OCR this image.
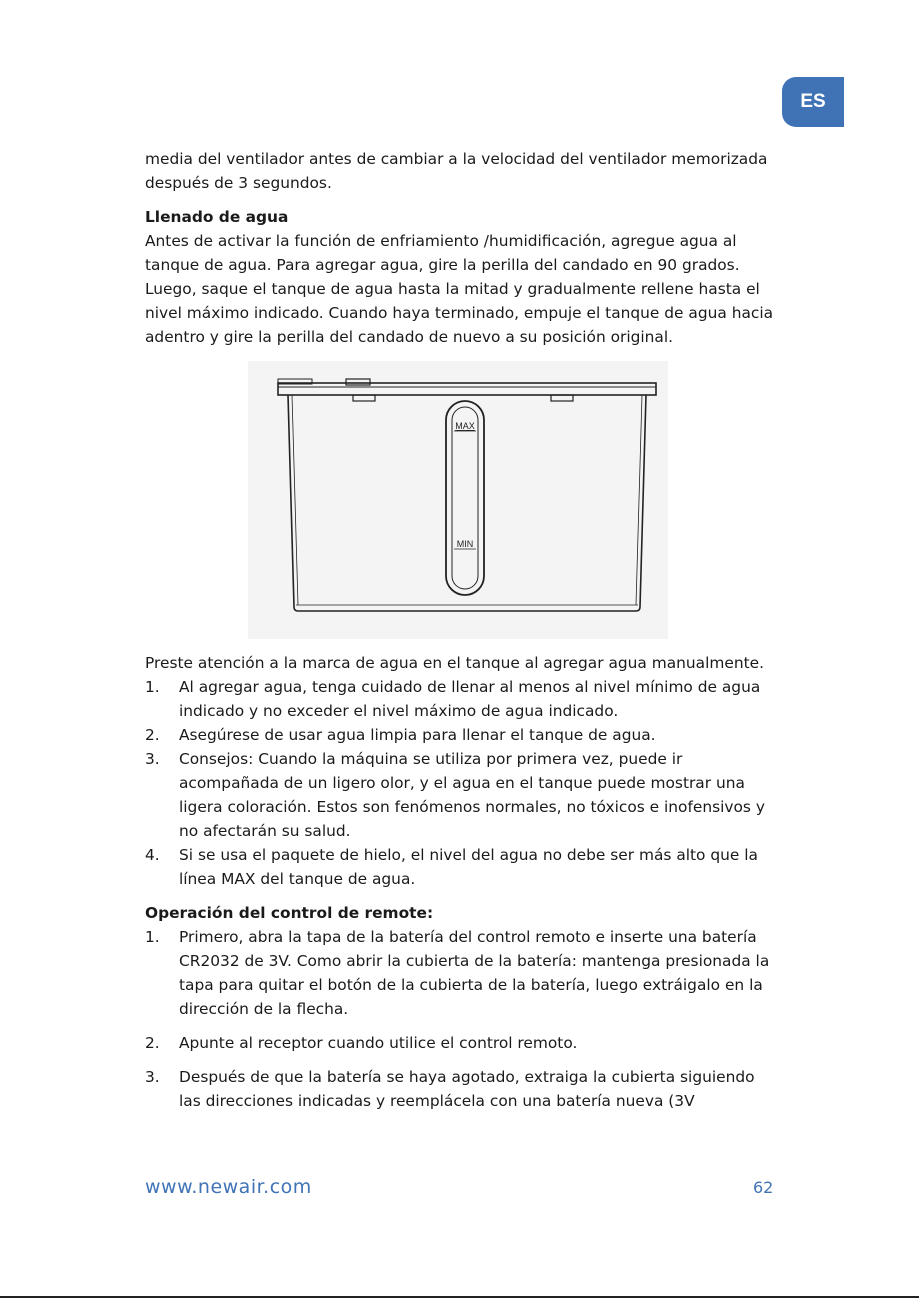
ES

media del ventilador antes de cambiar a la velocidad del ventilador memorizada después de 3 segundos.

Llenado de agua

Antes de activar la función de enfriamiento /humidificación, agregue agua al tanque de agua. Para agregar agua, gire la perilla del candado en 90 grados. Luego, saque el tanque de agua hasta la mitad y gradualmente rellene hasta el nivel máximo indicado. Cuando haya terminado, empuje el tanque de agua hacia adentro y gire la perilla del candado de nuevo a su posición original.

MAX
MIN

Preste atención a la marca de agua en el tanque al agregar agua manualmente.

1. Al agregar agua, tenga cuidado de llenar al menos al nivel mínimo de agua indicado y no exceder el nivel máximo de agua indicado.
2. Asegúrese de usar agua limpia para llenar el tanque de agua.
3. Consejos: Cuando la máquina se utiliza por primera vez, puede ir acompañada de un ligero olor, y el agua en el tanque puede mostrar una ligera coloración. Estos son fenómenos normales, no tóxicos e inofensivos y no afectarán su salud.
4. Si se usa el paquete de hielo, el nivel del agua no debe ser más alto que la línea MAX del tanque de agua.

Operación del control de remote:

1. Primero, abra la tapa de la batería del control remoto e inserte una batería CR2032 de 3V. Como abrir la cubierta de la batería: mantenga presionada la tapa para quitar el botón de la cubierta de la batería, luego extráigalo en la dirección de la flecha.
2. Apunte al receptor cuando utilice el control remoto.
3. Después de que la batería se haya agotado, extraiga la cubierta siguiendo las direcciones indicadas y reemplácela con una batería nueva (3V
www.newair.com	62
